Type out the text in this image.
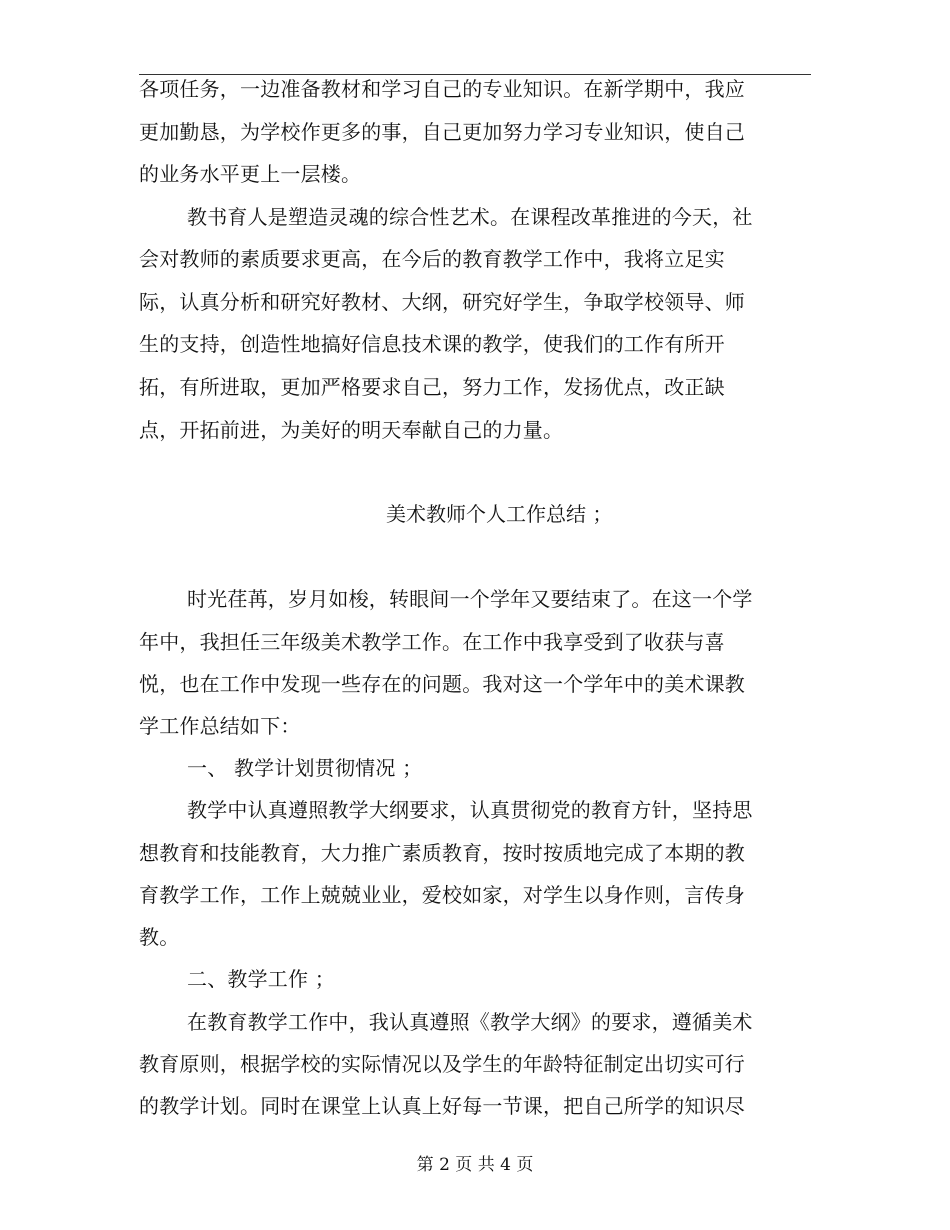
各项任务，一边准备教材和学习自己的专业知识。在新学期中，我应
更加勤恳，为学校作更多的事，自己更加努力学习专业知识，使自己
的业务水平更上一层楼。
教书育人是塑造灵魂的综合性艺术。在课程改革推进的今天，社
会对教师的素质要求更高，在今后的教育教学工作中，我将立足实
际，认真分析和研究好教材、大纲，研究好学生，争取学校领导、师
生的支持，创造性地搞好信息技术课的教学，使我们的工作有所开
拓，有所进取，更加严格要求自己，努力工作，发扬优点，改正缺
点，开拓前进，为美好的明天奉献自己的力量。
美术教师个人工作总结 ；
时光荏苒，岁月如梭，转眼间一个学年又要结束了。在这一个学
年中，我担任三年级美术教学工作。在工作中我享受到了收获与喜
悦，也在工作中发现一些存在的问题。我对这一个学年中的美术课教
学工作总结如下：
一、 教学计划贯彻情况 ；
教学中认真遵照教学大纲要求，认真贯彻党的教育方针，坚持思
想教育和技能教育，大力推广素质教育，按时按质地完成了本期的教
育教学工作，工作上兢兢业业，爱校如家，对学生以身作则，言传身
教。
二、教学工作 ；
在教育教学工作中，我认真遵照《教学大纲》的要求，遵循美术
教育原则，根据学校的实际情况以及学生的年龄特征制定出切实可行
的教学计划。同时在课堂上认真上好每一节课，把自己所学的知识尽
第 2 页 共 4 页
